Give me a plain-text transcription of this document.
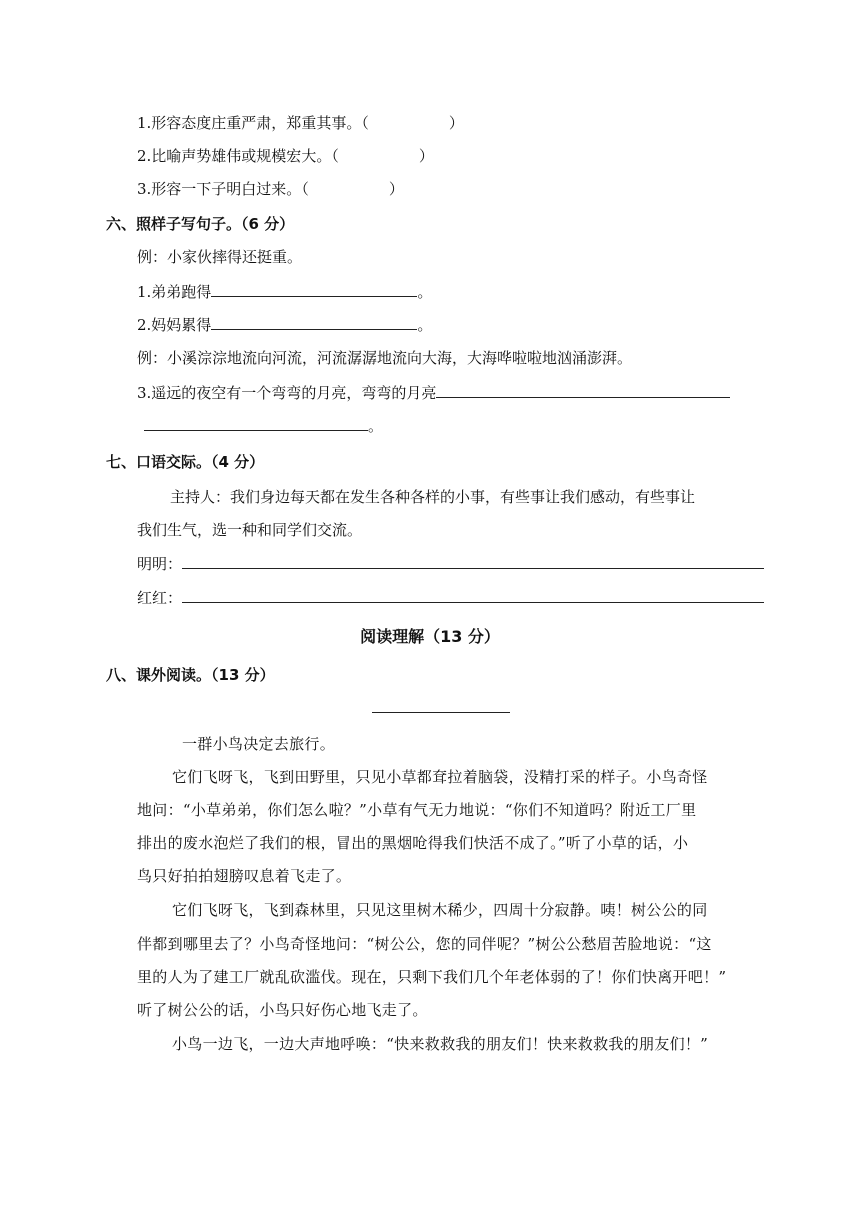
1.形容态度庄重严肃，郑重其事。（	）
2.比喻声势雄伟或规模宏大。（	）
3.形容一下子明白过来。（	）
六、照样子写句子。（6 分）
例：小家伙摔得还挺重。
1.弟弟跑得	。
2.妈妈累得	。
例：小溪淙淙地流向河流，河流潺潺地流向大海，大海哗啦啦地汹涌澎湃。
3.遥远的夜空有一个弯弯的月亮，弯弯的月亮
。
七、口语交际。（4 分）
主持人：我们身边每天都在发生各种各样的小事，有些事让我们感动，有些事让
我们生气，选一种和同学们交流。
明明：
红红：
阅读理解（13 分）
八、课外阅读。（13 分）
一群小鸟决定去旅行。
它们飞呀飞，飞到田野里，只见小草都耷拉着脑袋，没精打采的样子。小鸟奇怪
地问：“小草弟弟，你们怎么啦？”小草有气无力地说：“你们不知道吗？附近工厂里
排出的废水泡烂了我们的根，冒出的黑烟呛得我们快活不成了。”听了小草的话，小
鸟只好拍拍翅膀叹息着飞走了。
它们飞呀飞，飞到森林里，只见这里树木稀少，四周十分寂静。咦！树公公的同
伴都到哪里去了？小鸟奇怪地问：“树公公，您的同伴呢？”树公公愁眉苦脸地说：“这
里的人为了建工厂就乱砍滥伐。现在，只剩下我们几个年老体弱的了！你们快离开吧！”
听了树公公的话，小鸟只好伤心地飞走了。
小鸟一边飞，一边大声地呼唤：“快来救救我的朋友们！快来救救我的朋友们！”
